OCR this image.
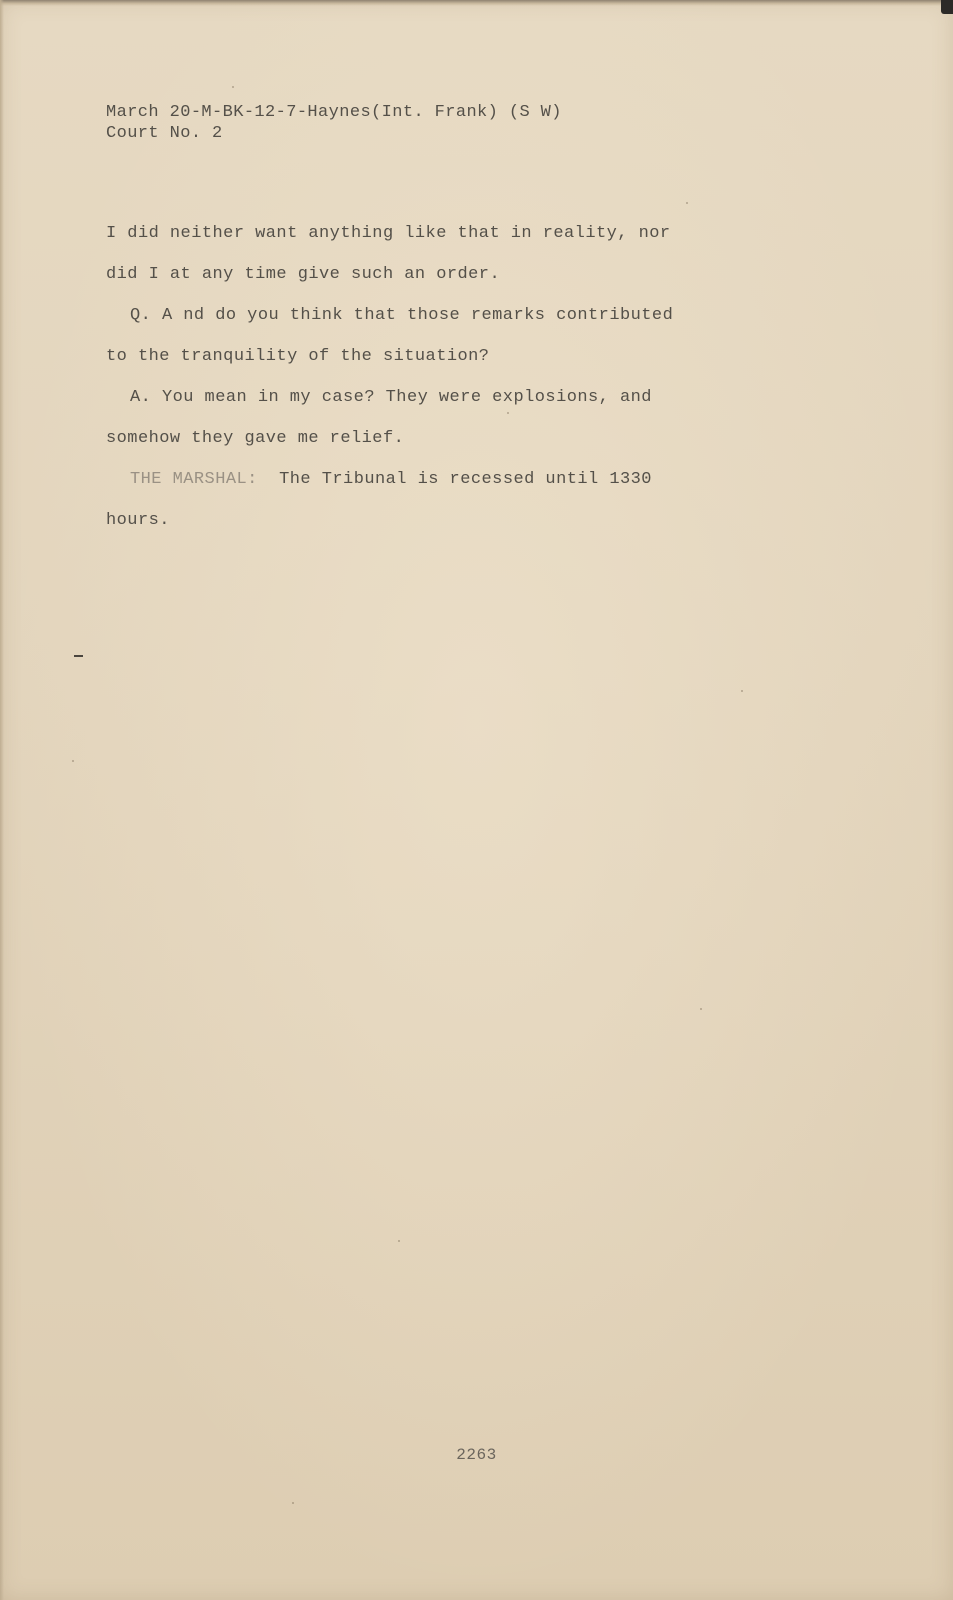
March 20-M-BK-12-7-Haynes(Int. Frank) (S W)
Court No. 2
I did neither want anything like that in reality, nor
did I at any time give such an order.
Q. A nd do you think that those remarks contributed
to the tranquility of the situation?
A. You mean in my case? They were explosions, and
somehow they gave me relief.
THE MARSHAL:  The Tribunal is recessed until 1330
hours.
2263
